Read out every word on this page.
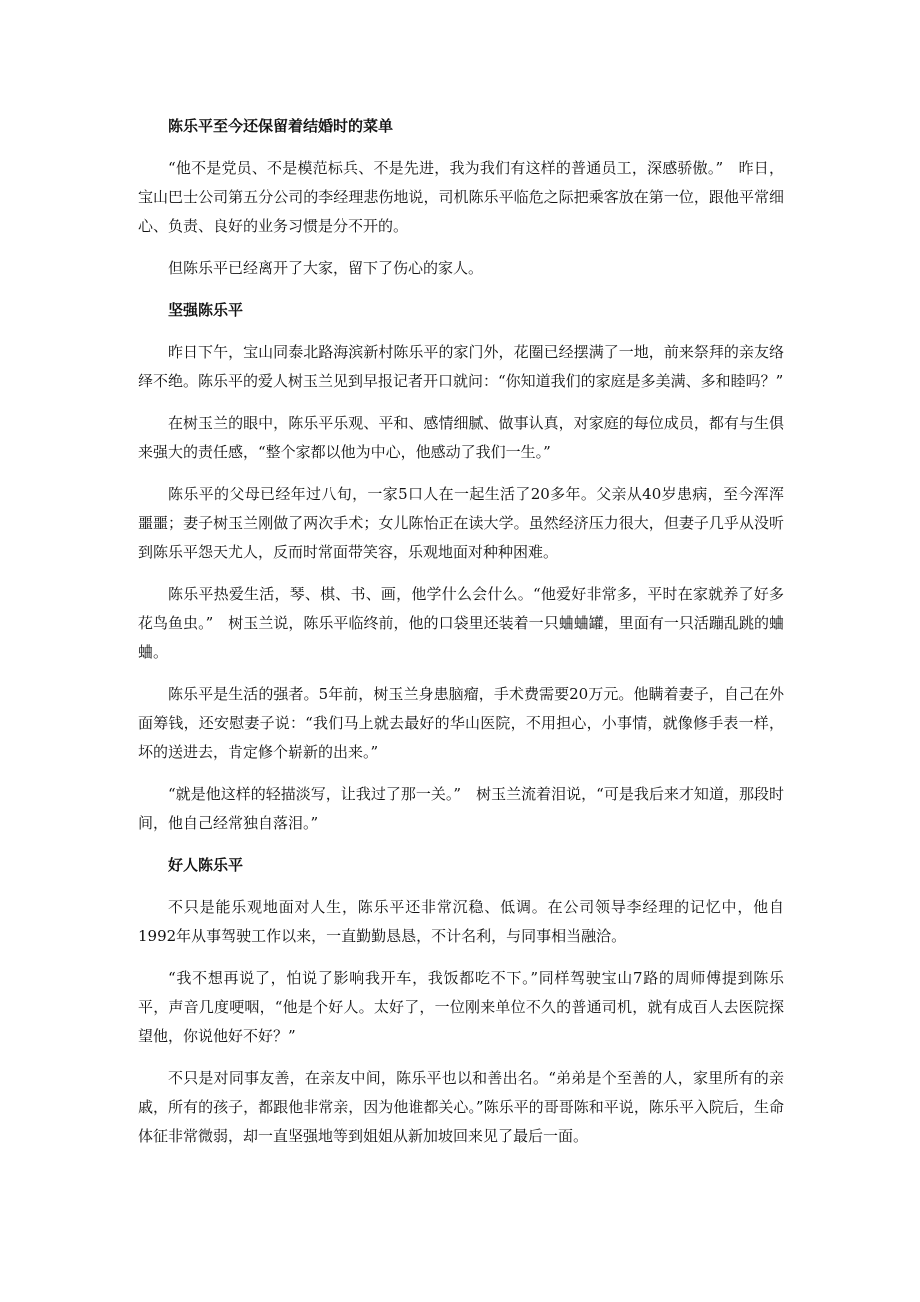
陈乐平至今还保留着结婚时的菜单

“他不是党员、不是模范标兵、不是先进，我为我们有这样的普通员工，深感骄傲。”　昨日，宝山巴士公司第五分公司的李经理悲伤地说，司机陈乐平临危之际把乘客放在第一位，跟他平常细心、负责、良好的业务习惯是分不开的。

但陈乐平已经离开了大家，留下了伤心的家人。

坚强陈乐平

昨日下午，宝山同泰北路海滨新村陈乐平的家门外，花圈已经摆满了一地，前来祭拜的亲友络绎不绝。陈乐平的爱人树玉兰见到早报记者开口就问：“你知道我们的家庭是多美满、多和睦吗？”

在树玉兰的眼中，陈乐平乐观、平和、感情细腻、做事认真，对家庭的每位成员，都有与生俱来强大的责任感，“整个家都以他为中心，他感动了我们一生。”

陈乐平的父母已经年过八旬，一家5口人在一起生活了20多年。父亲从40岁患病，至今浑浑噩噩；妻子树玉兰刚做了两次手术；女儿陈怡正在读大学。虽然经济压力很大，但妻子几乎从没听到陈乐平怨天尤人，反而时常面带笑容，乐观地面对种种困难。

陈乐平热爱生活，琴、棋、书、画，他学什么会什么。“他爱好非常多，平时在家就养了好多花鸟鱼虫。”　树玉兰说，陈乐平临终前，他的口袋里还装着一只蛐蛐罐，里面有一只活蹦乱跳的蛐蛐。

陈乐平是生活的强者。5年前，树玉兰身患脑瘤，手术费需要20万元。他瞒着妻子，自己在外面筹钱，还安慰妻子说：“我们马上就去最好的华山医院，不用担心，小事情，就像修手表一样，坏的送进去，肯定修个崭新的出来。”

“就是他这样的轻描淡写，让我过了那一关。”　树玉兰流着泪说，“可是我后来才知道，那段时间，他自己经常独自落泪。”

好人陈乐平

不只是能乐观地面对人生，陈乐平还非常沉稳、低调。在公司领导李经理的记忆中，他自1992年从事驾驶工作以来，一直勤勤恳恳，不计名利，与同事相当融洽。

“我不想再说了，怕说了影响我开车，我饭都吃不下。”同样驾驶宝山7路的周师傅提到陈乐平，声音几度哽咽，“他是个好人。太好了，一位刚来单位不久的普通司机，就有成百人去医院探望他，你说他好不好？”

不只是对同事友善，在亲友中间，陈乐平也以和善出名。“弟弟是个至善的人，家里所有的亲戚，所有的孩子，都跟他非常亲，因为他谁都关心。”陈乐平的哥哥陈和平说，陈乐平入院后，生命体征非常微弱，却一直坚强地等到姐姐从新加坡回来见了最后一面。
